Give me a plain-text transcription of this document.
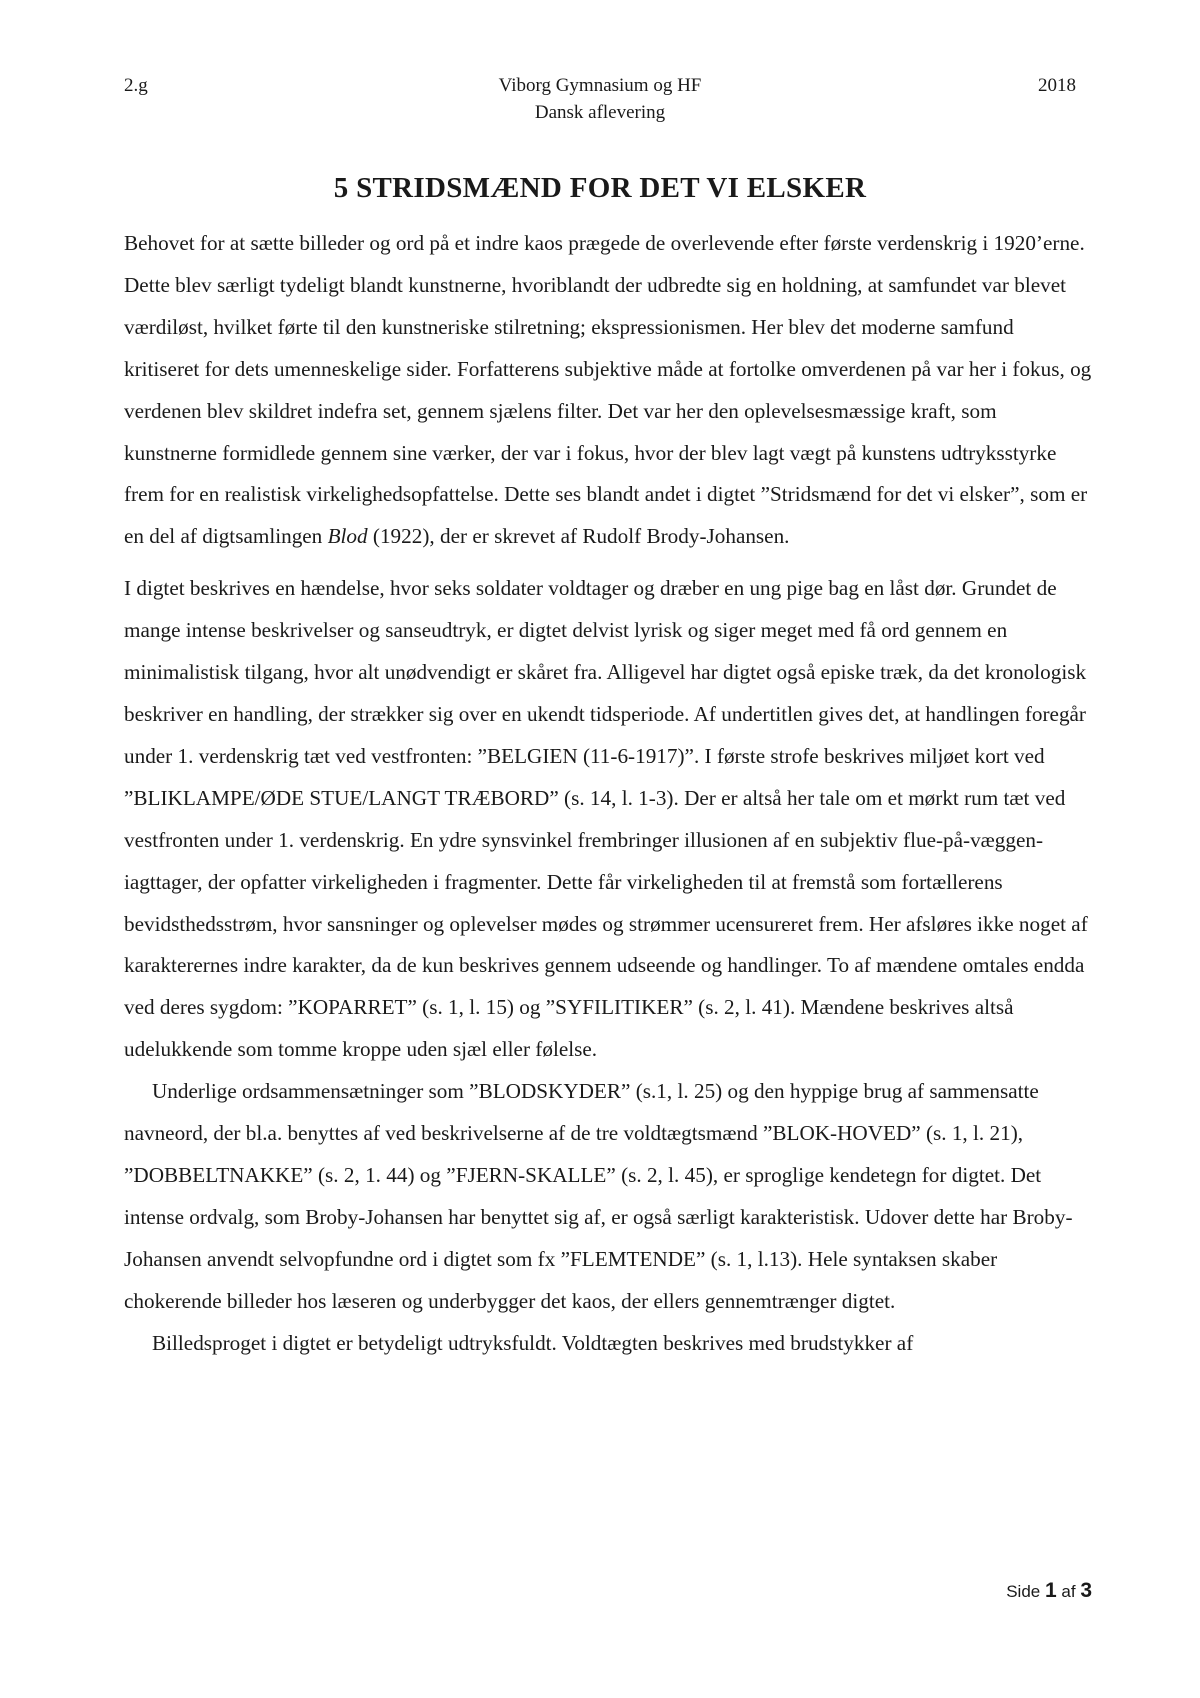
2.g	Viborg Gymnasium og HF
Dansk aflevering
2018
5 STRIDSMÆND FOR DET VI ELSKER

Behovet for at sætte billeder og ord på et indre kaos prægede de overlevende efter første verdenskrig i 1920’erne. Dette blev særligt tydeligt blandt kunstnerne, hvoriblandt der udbredte sig en holdning, at samfundet var blevet værdiløst, hvilket førte til den kunstneriske stilretning; ekspressionismen. Her blev det moderne samfund kritiseret for dets umenneskelige sider. Forfatterens subjektive måde at fortolke omverdenen på var her i fokus, og verdenen blev skildret indefra set, gennem sjælens filter. Det var her den oplevelsesmæssige kraft, som kunstnerne formidlede gennem sine værker, der var i fokus, hvor der blev lagt vægt på kunstens udtryksstyrke frem for en realistisk virkelighedsopfattelse. Dette ses blandt andet i digtet ”Stridsmænd for det vi elsker”, som er en del af digtsamlingen Blod (1922), der er skrevet af Rudolf Brody-Johansen.

I digtet beskrives en hændelse, hvor seks soldater voldtager og dræber en ung pige bag en låst dør. Grundet de mange intense beskrivelser og sanseudtryk, er digtet delvist lyrisk og siger meget med få ord gennem en minimalistisk tilgang, hvor alt unødvendigt er skåret fra. Alligevel har digtet også episke træk, da det kronologisk beskriver en handling, der strækker sig over en ukendt tidsperiode. Af undertitlen gives det, at handlingen foregår under 1. verdenskrig tæt ved vestfronten: ”BELGIEN (11-6-1917)”. I første strofe beskrives miljøet kort ved ”BLIKLAMPE/ØDE STUE/LANGT TRÆBORD” (s. 14, l. 1-3). Der er altså her tale om et mørkt rum tæt ved vestfronten under 1. verdenskrig. En ydre synsvinkel frembringer illusionen af en subjektiv flue-på-væggen-iagttager, der opfatter virkeligheden i fragmenter. Dette får virkeligheden til at fremstå som fortællerens bevidsthedsstrøm, hvor sansninger og oplevelser mødes og strømmer ucensureret frem. Her afsløres ikke noget af karakterernes indre karakter, da de kun beskrives gennem udseende og handlinger. To af mændene omtales endda ved deres sygdom: ”KOPARRET” (s. 1, l. 15) og ”SYFILITIKER” (s. 2, l. 41). Mændene beskrives altså udelukkende som tomme kroppe uden sjæl eller følelse.

Underlige ordsammensætninger som ”BLODSKYDER” (s.1, l. 25) og den hyppige brug af sammensatte navneord, der bl.a. benyttes af ved beskrivelserne af de tre voldtægtsmænd ”BLOK-HOVED” (s. 1, l. 21), ”DOBBELTNAKKE” (s. 2, 1. 44) og ”FJERN-SKALLE” (s. 2, l. 45), er sproglige kendetegn for digtet. Det intense ordvalg, som Broby-Johansen har benyttet sig af, er også særligt karakteristisk. Udover dette har Broby-Johansen anvendt selvopfundne ord i digtet som fx ”FLEMTENDE” (s. 1, l.13). Hele syntaksen skaber chokerende billeder hos læseren og underbygger det kaos, der ellers gennemtrænger digtet.

Billedsproget i digtet er betydeligt udtryksfuldt. Voldtægten beskrives med brudstykker af

Side 1 af 3
